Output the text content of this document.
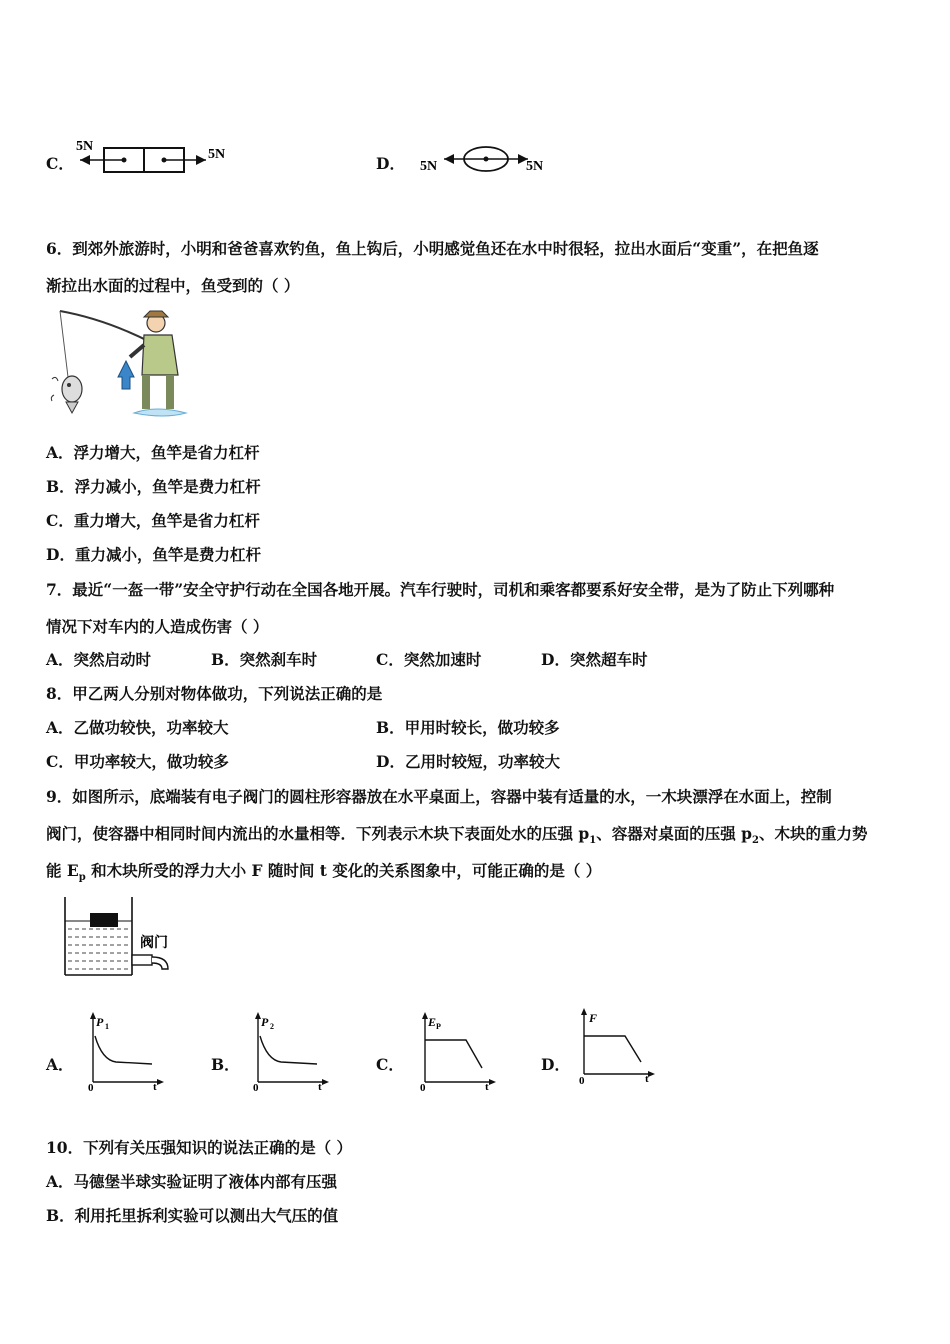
C．
5N
5N	D． 5N	5N
6．到郊外旅游时，小明和爸爸喜欢钓鱼，鱼上钩后，小明感觉鱼还在水中时很轻，拉出水面后“变重”，在把鱼逐
渐拉出水面的过程中，鱼受到的（ ）
A．浮力增大，鱼竿是省力杠杆
B．浮力减小，鱼竿是费力杠杆
C．重力增大，鱼竿是省力杠杆
D．重力减小，鱼竿是费力杠杆
7．最近“一盔一带”安全守护行动在全国各地开展。汽车行驶时，司机和乘客都要系好安全带，是为了防止下列哪种
情况下对车内的人造成伤害（ ）
A．突然启动时	B．突然刹车时	C．突然加速时	D．突然超车时
8．甲乙两人分别对物体做功，下列说法正确的是
A．乙做功较快，功率较大	B．甲用时较长，做功较多
C．甲功率较大，做功较多	D．乙用时较短，功率较大
9．如图所示，底端装有电子阀门的圆柱形容器放在水平桌面上，容器中装有适量的水，一木块漂浮在水面上，控制
阀门，使容器中相同时间内流出的水量相等．下列表示木块下表面处水的压强 $p_1$、容器对桌面的压强 $p_2$、木块的重力势
能 $E_p$ 和木块所受的浮力大小 F 随时间 t 变化的关系图象中，可能正确的是（ ）
阀门
A．
P 1
0	t
B．
P 2
0	t
C．
E P
0	t
D．
F
0	t
10．下列有关压强知识的说法正确的是（ ）
A．马德堡半球实验证明了液体内部有压强
B．利用托里拆利实验可以测出大气压的值
